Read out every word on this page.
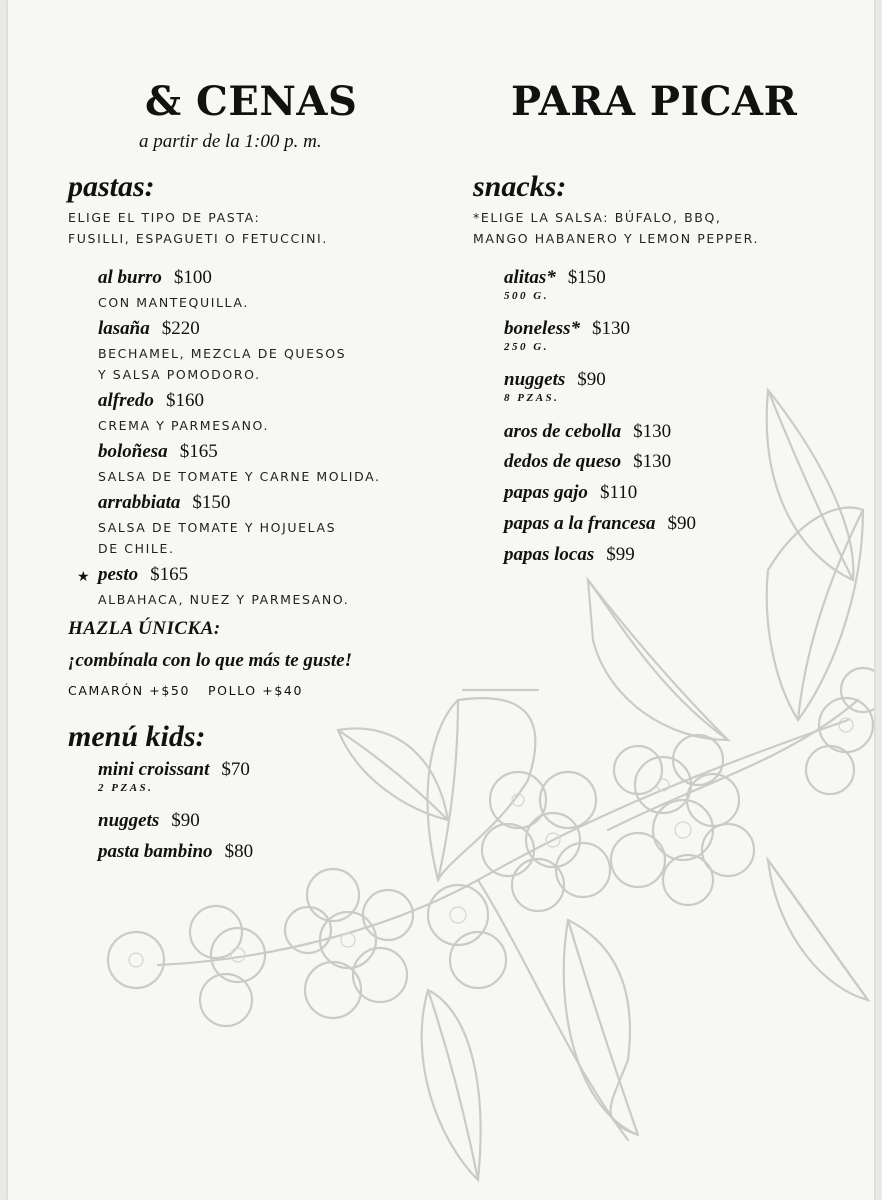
& CENAS
a partir de la 1:00 p. m.
pastas:
ELIGE EL TIPO DE PASTA:
FUSILLI, ESPAGUETI O FETUCCINI.
al burro $100
CON MANTEQUILLA.
lasaña $220
BECHAMEL, MEZCLA DE QUESOS
Y SALSA POMODORO.
alfredo $160
CREMA Y PARMESANO.
boloñesa $165
SALSA DE TOMATE Y CARNE MOLIDA.
arrabbiata $150
SALSA DE TOMATE Y HOJUELAS
DE CHILE.
★ pesto $165
ALBAHACA, NUEZ Y PARMESANO.
HAZLA ÚNICKA:
¡combínala con lo que más te guste!
CAMARÓN +$50 POLLO +$40
menú kids:
mini croissant $70
2 PZAS.
nuggets $90
pasta bambino $80
PARA PICAR
snacks:
*ELIGE LA SALSA: BÚFALO, BBQ,
MANGO HABANERO Y LEMON PEPPER.
alitas* $150
500 G.
boneless* $130
250 G.
nuggets $90
8 PZAS.
aros de cebolla $130
dedos de queso $130
papas gajo $110
papas a la francesa $90
papas locas $99
